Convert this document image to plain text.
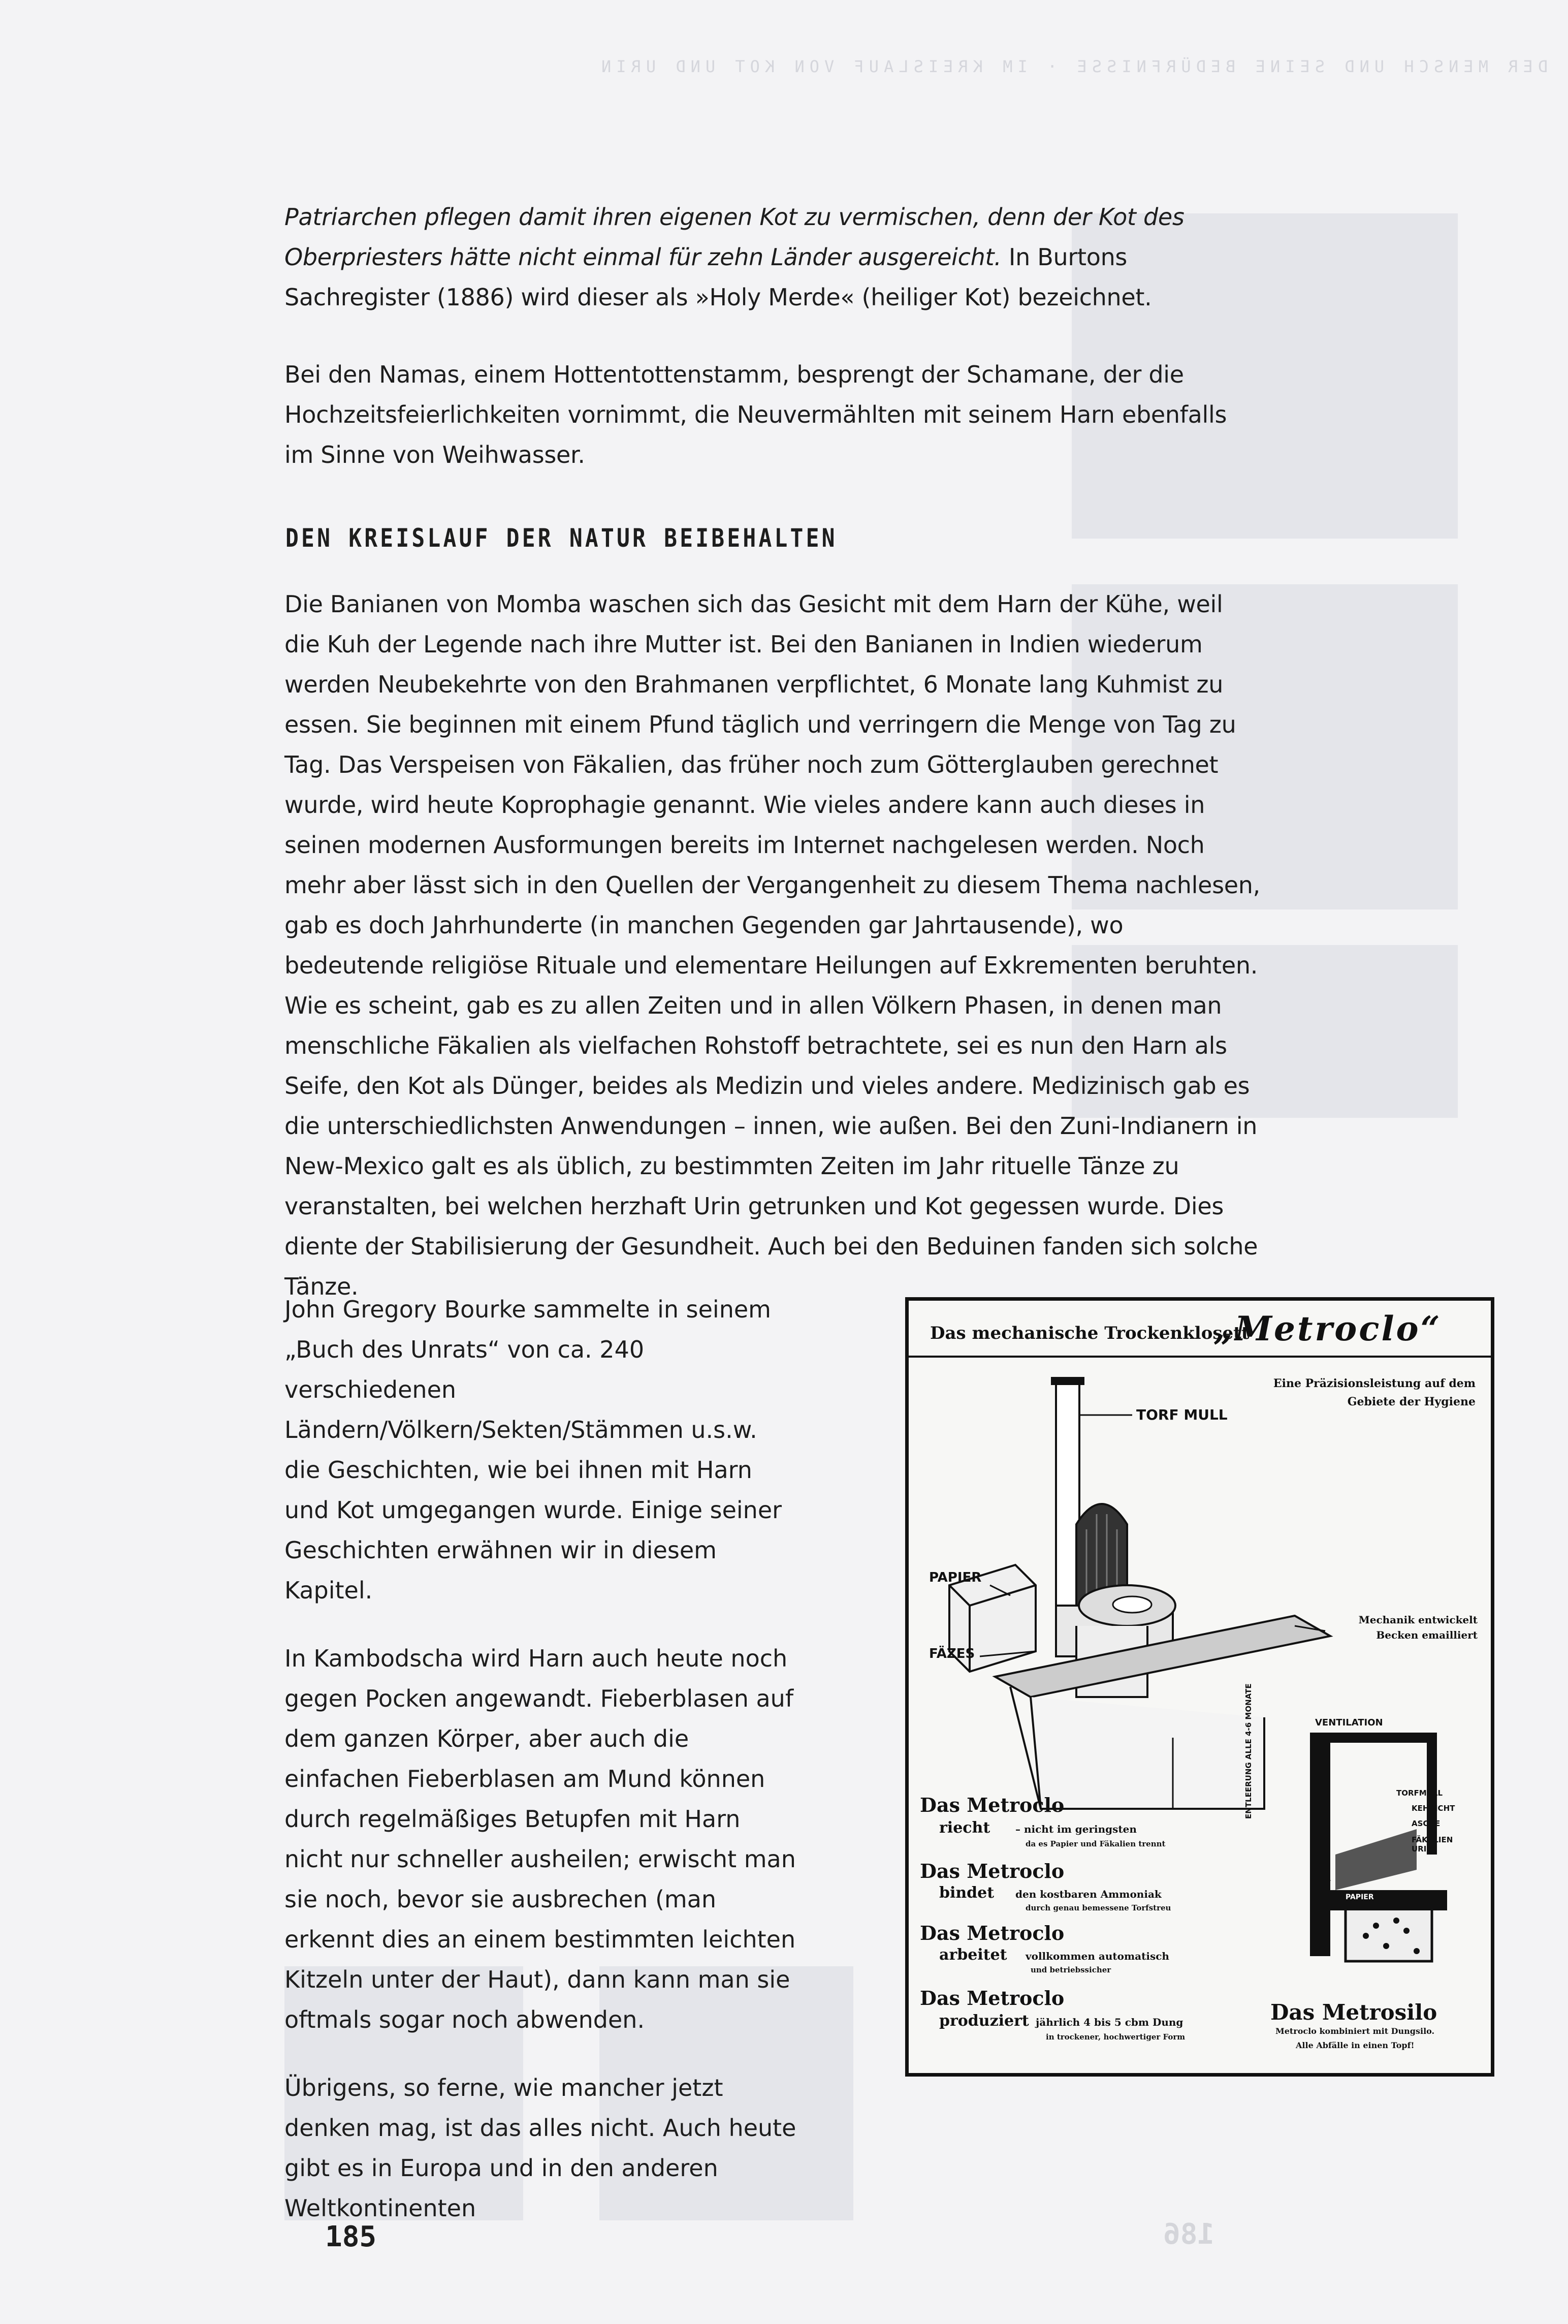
DER MENSCH UND SEINE BEDÜRFNISSE · IM KREISLAUF VON KOT UND URIN
186

Patriarchen pflegen damit ihren eigenen Kot zu vermischen, denn der Kot des Oberpriesters hätte nicht einmal für zehn Länder ausgereicht. In Burtons Sachregister (1886) wird dieser als »Holy Merde« (heiliger Kot) bezeichnet.

Bei den Namas, einem Hottentottenstamm, besprengt der Schamane, der die Hochzeitsfeierlichkeiten vornimmt, die Neuvermählten mit seinem Harn ebenfalls im Sinne von Weihwasser.

DEN KREISLAUF DER NATUR BEIBEHALTEN

Die Banianen von Momba waschen sich das Gesicht mit dem Harn der Kühe, weil die Kuh der Legende nach ihre Mutter ist. Bei den Banianen in Indien wiederum werden Neubekehrte von den Brahmanen verpflichtet, 6 Monate lang Kuhmist zu essen. Sie beginnen mit einem Pfund täglich und verringern die Menge von Tag zu Tag. Das Verspeisen von Fäkalien, das früher noch zum Götterglauben gerechnet wurde, wird heute Koprophagie genannt. Wie vieles andere kann auch dieses in seinen modernen Ausformungen bereits im Internet nachgelesen werden. Noch mehr aber lässt sich in den Quellen der Vergangenheit zu diesem Thema nachlesen, gab es doch Jahrhunderte (in manchen Gegenden gar Jahrtausende), wo bedeutende religiöse Rituale und elementare Heilungen auf Exkrementen beruhten. Wie es scheint, gab es zu allen Zeiten und in allen Völkern Phasen, in denen man menschliche Fäkalien als vielfachen Rohstoff betrachtete, sei es nun den Harn als Seife, den Kot als Dünger, beides als Medizin und vieles andere. Medizinisch gab es die unterschiedlichsten Anwendungen – innen, wie außen. Bei den Zuni-Indianern in New-Mexico galt es als üblich, zu bestimmten Zeiten im Jahr rituelle Tänze zu veranstalten, bei welchen herzhaft Urin getrunken und Kot gegessen wurde. Dies diente der Stabilisierung der Gesundheit. Auch bei den Beduinen fanden sich solche Tänze.

John Gregory Bourke sammelte in seinem „Buch des Unrats“ von ca. 240 verschiedenen Ländern/Völkern/Sekten/Stämmen u.s.w. die Geschichten, wie bei ihnen mit Harn und Kot umgegangen wurde. Einige seiner Geschichten erwähnen wir in diesem Kapitel.

In Kambodscha wird Harn auch heute noch gegen Pocken angewandt. Fieberblasen auf dem ganzen Körper, aber auch die einfachen Fieberblasen am Mund können durch regelmäßiges Betupfen mit Harn nicht nur schneller ausheilen; erwischt man sie noch, bevor sie ausbrechen (man erkennt dies an einem bestimmten leichten Kitzeln unter der Haut), dann kann man sie oftmals sogar noch abwenden.

Übrigens, so ferne, wie mancher jetzt denken mag, ist das alles nicht. Auch heute gibt es in Europa und in den anderen Weltkontinenten

Das mechanische Trockenklosett
„Metroclo“
Eine Präzisionsleistung auf dem
Gebiete der Hygiene
TORF MULL
PAPIER
FÄZES
Mechanik entwickelt
Becken emailliert
VENTILATION
ENTLEERUNG ALLE 4-6 MONATE	TORFMULL
KEHRICHT
ASCHE
FÄKALIEN URIN
PAPIER
Das Metroclo
riecht – nicht im geringsten
da es Papier und Fäkalien trennt
Das Metroclo
bindet den kostbaren Ammoniak
durch genau bemessene Torfstreu
Das Metroclo
arbeitet vollkommen automatisch
und betriebssicher
Das Metroclo
produziert jährlich 4 bis 5 cbm Dung
in trockener, hochwertiger Form
Das Metrosilo
Metroclo kombiniert mit Dungsilo.
Alle Abfälle in einen Topf!
185
